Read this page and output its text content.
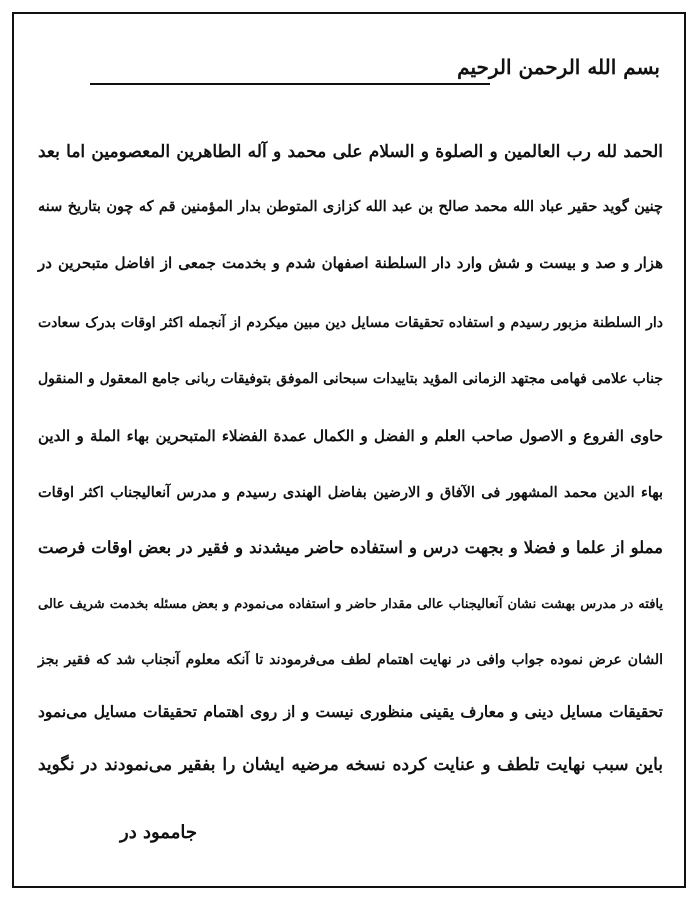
بسم الله الرحمن الرحیم
الحمد لله رب العالمین و الصلوة و السلام علی محمد و آله الطاهرین المعصومین اما بعد
چنین گوید حقیر عباد الله محمد صالح بن عبد الله کزازی المتوطن بدار المؤمنین قم که چون بتاریخ سنه
هزار و صد و بیست و شش وارد دار السلطنة اصفهان شدم و بخدمت جمعی از افاضل متبحرین در
دار السلطنة مزبور رسیدم و استفاده تحقیقات مسایل دین مبین میکردم از آنجمله اکثر اوقات بدرک سعادت
جناب علامی فهامی مجتهد الزمانی المؤید بتاییدات سبحانی الموفق بتوفیقات ربانی جامع المعقول و المنقول
حاوی الفروع و الاصول صاحب العلم و الفضل و الکمال عمدة الفضلاء المتبحرین بهاء الملة و الدین
بهاء الدین محمد المشهور فی الآفاق و الارضین بفاضل الهندی رسیدم و مدرس آنعالیجناب اکثر اوقات
مملو از علما و فضلا و بجهت درس و استفاده حاضر میشدند و فقیر در بعض اوقات فرصت
یافته در مدرس بهشت نشان آنعالیجناب عالی مقدار حاضر و استفاده می‌نمودم و بعض مسئله بخدمت شریف عالی
الشان عرض نموده جواب وافی در نهایت اهتمام لطف می‌فرمودند تا آنکه معلوم آنجناب شد که فقیر بجز
تحقیقات مسایل دینی و معارف یقینی منظوری نیست و از روی اهتمام تحقیقات مسایل می‌نمود
باین سبب نهایت تلطف و عنایت کرده نسخه مرضیه ایشان را بفقیر می‌نمودند در نگوید
جاممود در
